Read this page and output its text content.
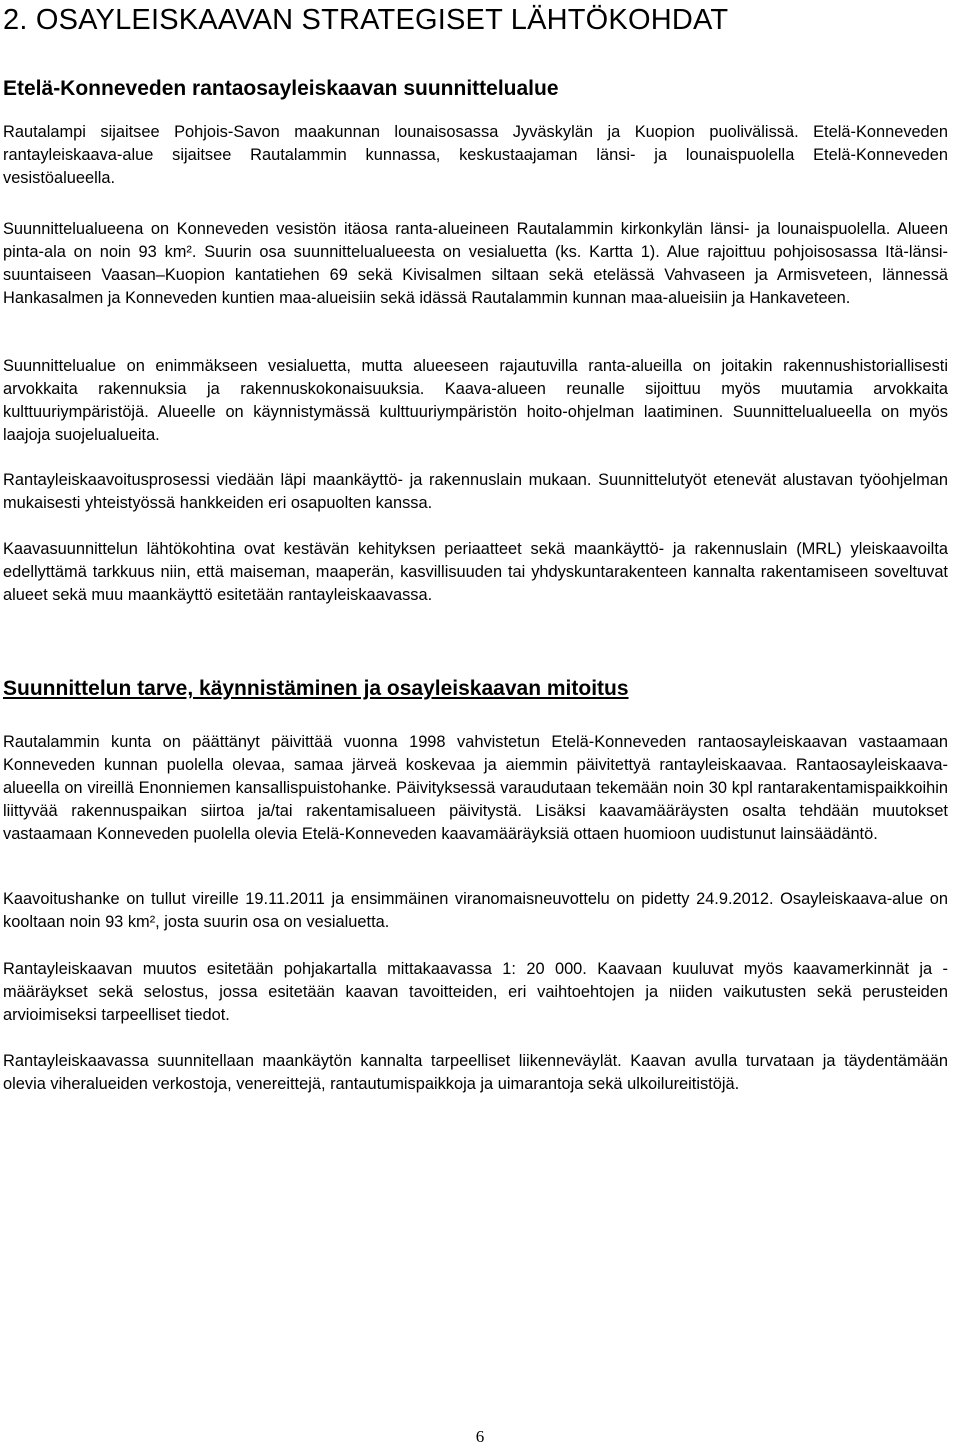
2. OSAYLEISKAAVAN STRATEGISET LÄHTÖKOHDAT
Etelä-Konneveden rantaosayleiskaavan suunnittelualue

Rautalampi sijaitsee Pohjois-Savon maakunnan lounaisosassa Jyväskylän ja Kuopion puolivälissä. Etelä-Konneveden rantayleiskaava-alue sijaitsee Rautalammin kunnassa, keskustaajaman länsi- ja lounaispuolella Etelä-Konneveden vesistöalueella.

Suunnittelualueena on Konneveden vesistön itäosa ranta-alueineen Rautalammin kirkonkylän länsi- ja lounaispuolella. Alueen pinta-ala on noin 93 km². Suurin osa suunnittelualueesta on vesialuetta (ks. Kartta 1). Alue rajoittuu pohjoisosassa Itä-länsi-suuntaiseen Vaasan–Kuopion kantatiehen 69 sekä Kivisalmen siltaan sekä etelässä Vahvaseen ja Armisveteen, lännessä Hankasalmen ja Konneveden kuntien maa-alueisiin sekä idässä Rautalammin kunnan maa-alueisiin ja Hankaveteen.

Suunnittelualue on enimmäkseen vesialuetta, mutta alueeseen rajautuvilla ranta-alueilla on joitakin rakennushistoriallisesti arvokkaita rakennuksia ja rakennuskokonaisuuksia. Kaava-alueen reunalle sijoittuu myös muutamia arvokkaita kulttuuriympäristöjä. Alueelle on käynnistymässä kulttuuriympäristön hoito-ohjelman laatiminen. Suunnittelualueella on myös laajoja suojelualueita.

Rantayleiskaavoitusprosessi viedään läpi maankäyttö- ja rakennuslain mukaan. Suunnittelutyöt etenevät alustavan työohjelman mukaisesti yhteistyössä hankkeiden eri osapuolten kanssa.

Kaavasuunnittelun lähtökohtina ovat kestävän kehityksen periaatteet sekä maankäyttö- ja rakennuslain (MRL) yleiskaavoilta edellyttämä tarkkuus niin, että maiseman, maaperän, kasvillisuuden tai yhdyskuntarakenteen kannalta rakentamiseen soveltuvat alueet sekä muu maankäyttö esitetään rantayleiskaavassa.

Suunnittelun tarve, käynnistäminen ja osayleiskaavan mitoitus

Rautalammin kunta on päättänyt päivittää vuonna 1998 vahvistetun Etelä-Konneveden rantaosayleiskaavan vastaamaan Konneveden kunnan puolella olevaa, samaa järveä koskevaa ja aiemmin päivitettyä rantayleiskaavaa. Rantaosayleiskaava-alueella on vireillä Enonniemen kansallispuistohanke. Päivityksessä varaudutaan tekemään noin 30 kpl rantarakentamispaikkoihin liittyvää rakennuspaikan siirtoa ja/tai rakentamisalueen päivitystä. Lisäksi kaavamääräysten osalta tehdään muutokset vastaamaan Konneveden puolella olevia Etelä-Konneveden kaavamääräyksiä ottaen huomioon uudistunut lainsäädäntö.

Kaavoitushanke on tullut vireille 19.11.2011 ja ensimmäinen viranomaisneuvottelu on pidetty 24.9.2012. Osayleiskaava-alue on kooltaan noin 93 km², josta suurin osa on vesialuetta.

Rantayleiskaavan muutos esitetään pohjakartalla mittakaavassa 1: 20 000. Kaavaan kuuluvat myös kaavamerkinnät ja -määräykset sekä selostus, jossa esitetään kaavan tavoitteiden, eri vaihtoehtojen ja niiden vaikutusten sekä perusteiden arvioimiseksi tarpeelliset tiedot.

Rantayleiskaavassa suunnitellaan maankäytön kannalta tarpeelliset liikenneväylät. Kaavan avulla turvataan ja täydentämään olevia viheralueiden verkostoja, venereittejä, rantautumispaikkoja ja uimarantoja sekä ulkoilureitistöjä.

6
